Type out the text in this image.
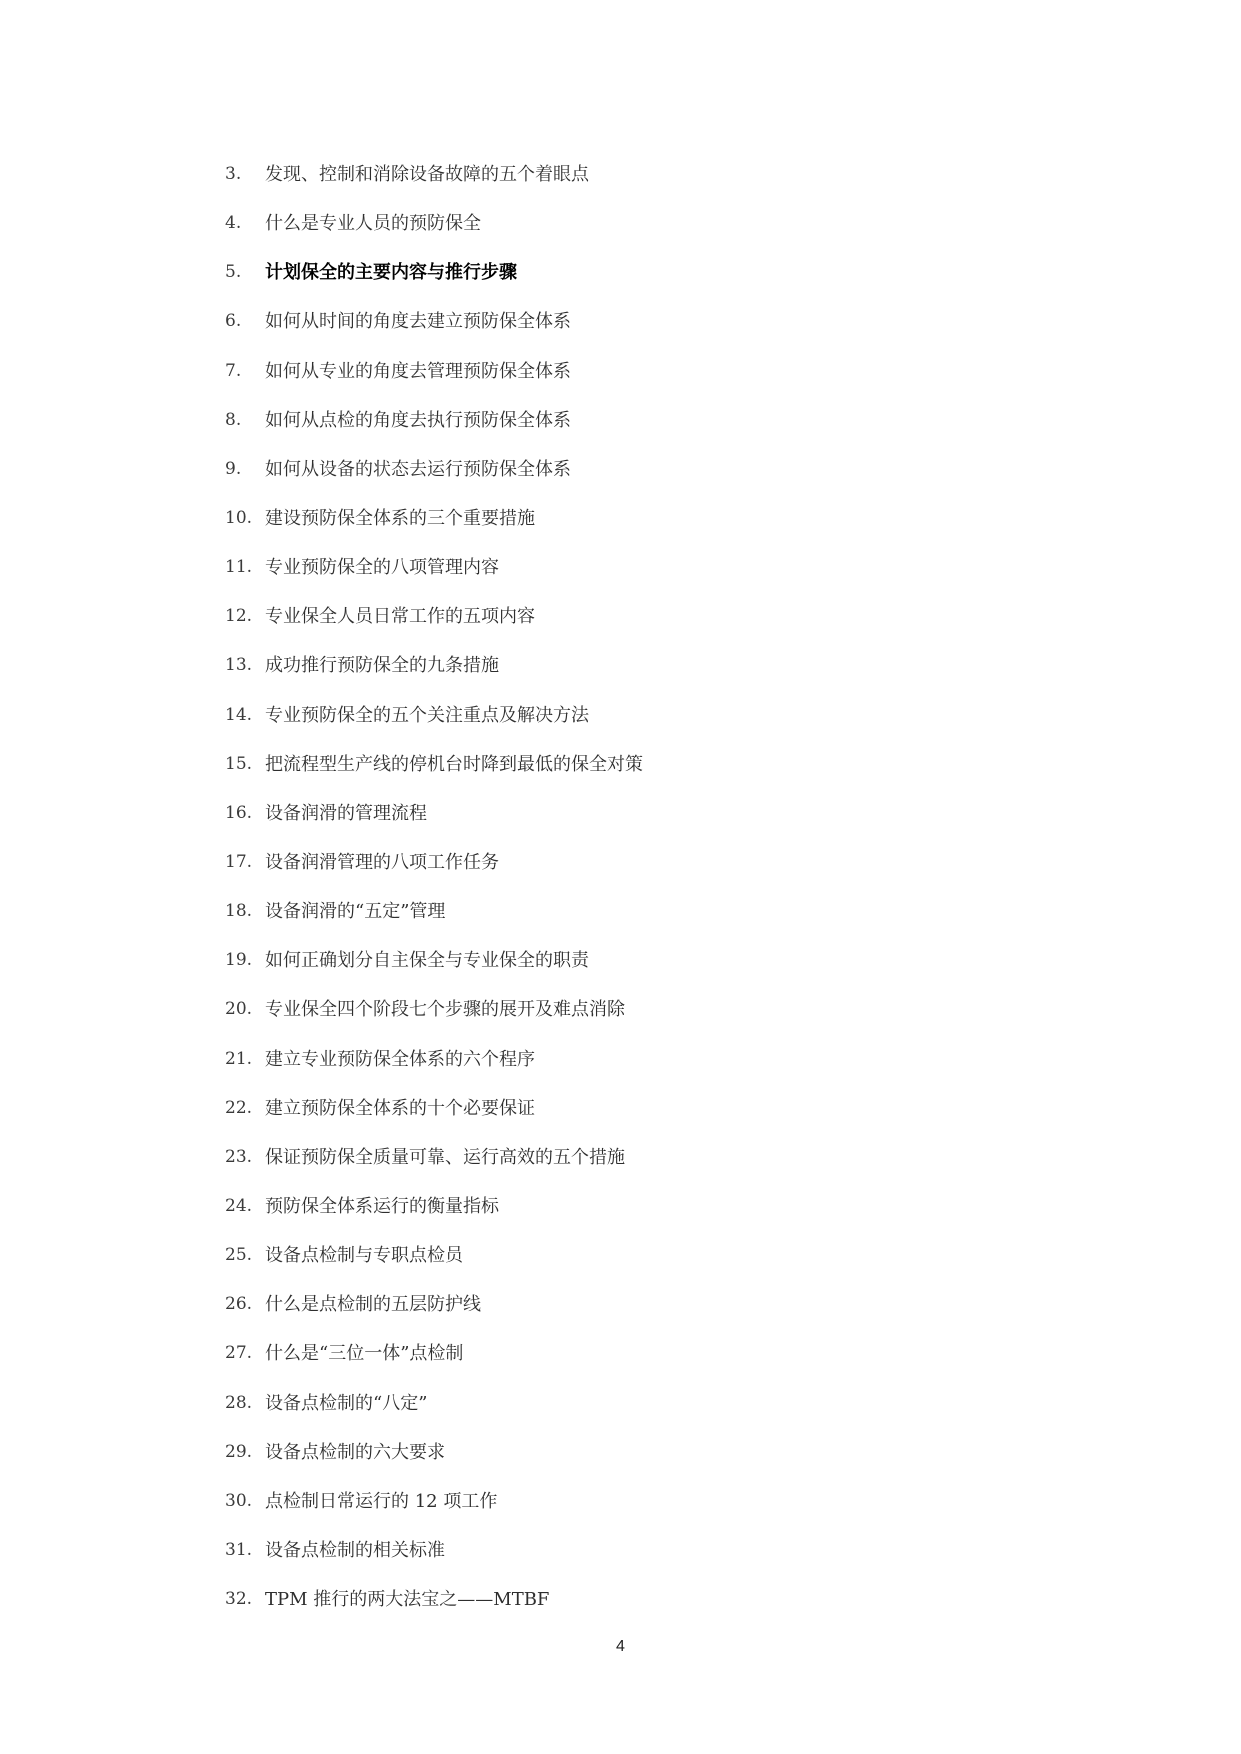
3.	发现、控制和消除设备故障的五个着眼点
4.	什么是专业人员的预防保全
5.	计划保全的主要内容与推行步骤
6.	如何从时间的角度去建立预防保全体系
7.	如何从专业的角度去管理预防保全体系
8.	如何从点检的角度去执行预防保全体系
9.	如何从设备的状态去运行预防保全体系
10. 建设预防保全体系的三个重要措施
11. 专业预防保全的八项管理内容
12. 专业保全人员日常工作的五项内容
13. 成功推行预防保全的九条措施
14. 专业预防保全的五个关注重点及解决方法
15. 把流程型生产线的停机台时降到最低的保全对策
16. 设备润滑的管理流程
17. 设备润滑管理的八项工作任务
18. 设备润滑的“五定”管理
19. 如何正确划分自主保全与专业保全的职责
20. 专业保全四个阶段七个步骤的展开及难点消除
21. 建立专业预防保全体系的六个程序
22. 建立预防保全体系的十个必要保证
23. 保证预防保全质量可靠、运行高效的五个措施
24. 预防保全体系运行的衡量指标
25. 设备点检制与专职点检员
26. 什么是点检制的五层防护线
27. 什么是“三位一体”点检制
28. 设备点检制的“八定”
29. 设备点检制的六大要求
30. 点检制日常运行的 12 项工作
31. 设备点检制的相关标准
32. TPM 推行的两大法宝之——MTBF
4
